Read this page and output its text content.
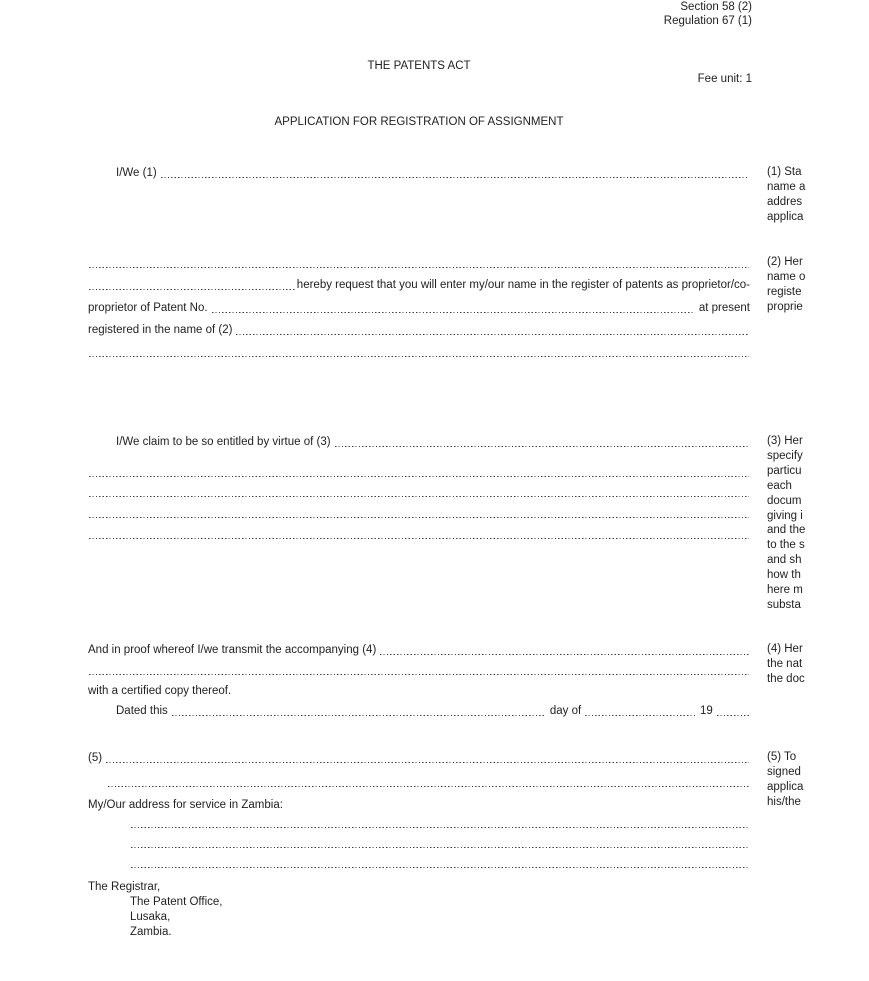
Section 58 (2)
Regulation 67 (1)
THE PATENTS ACT
Fee unit: 1
APPLICATION FOR REGISTRATION OF ASSIGNMENT
I/We (1)	(1) Sta
name a
addres
applica
hereby request that you will enter my/our name in the register of patents as proprietor/co-
proprietor of Patent No.	at present
registered in the name of (2)
(2) Her
name o
registe
proprie
I/We claim to be so entitled by virtue of (3)	(3) Her
specify
particu
each
docum
giving i
and the
to the s
and sh
how th
here m
substa
And in proof whereof I/we transmit the accompanying (4)
with a certified copy thereof.
Dated this	day of	19
(4) Her
the nat
the doc
(5)
My/Our address for service in Zambia:
(5) To
signed
applica
his/the
The Registrar,
The Patent Office,
Lusaka,
Zambia.
